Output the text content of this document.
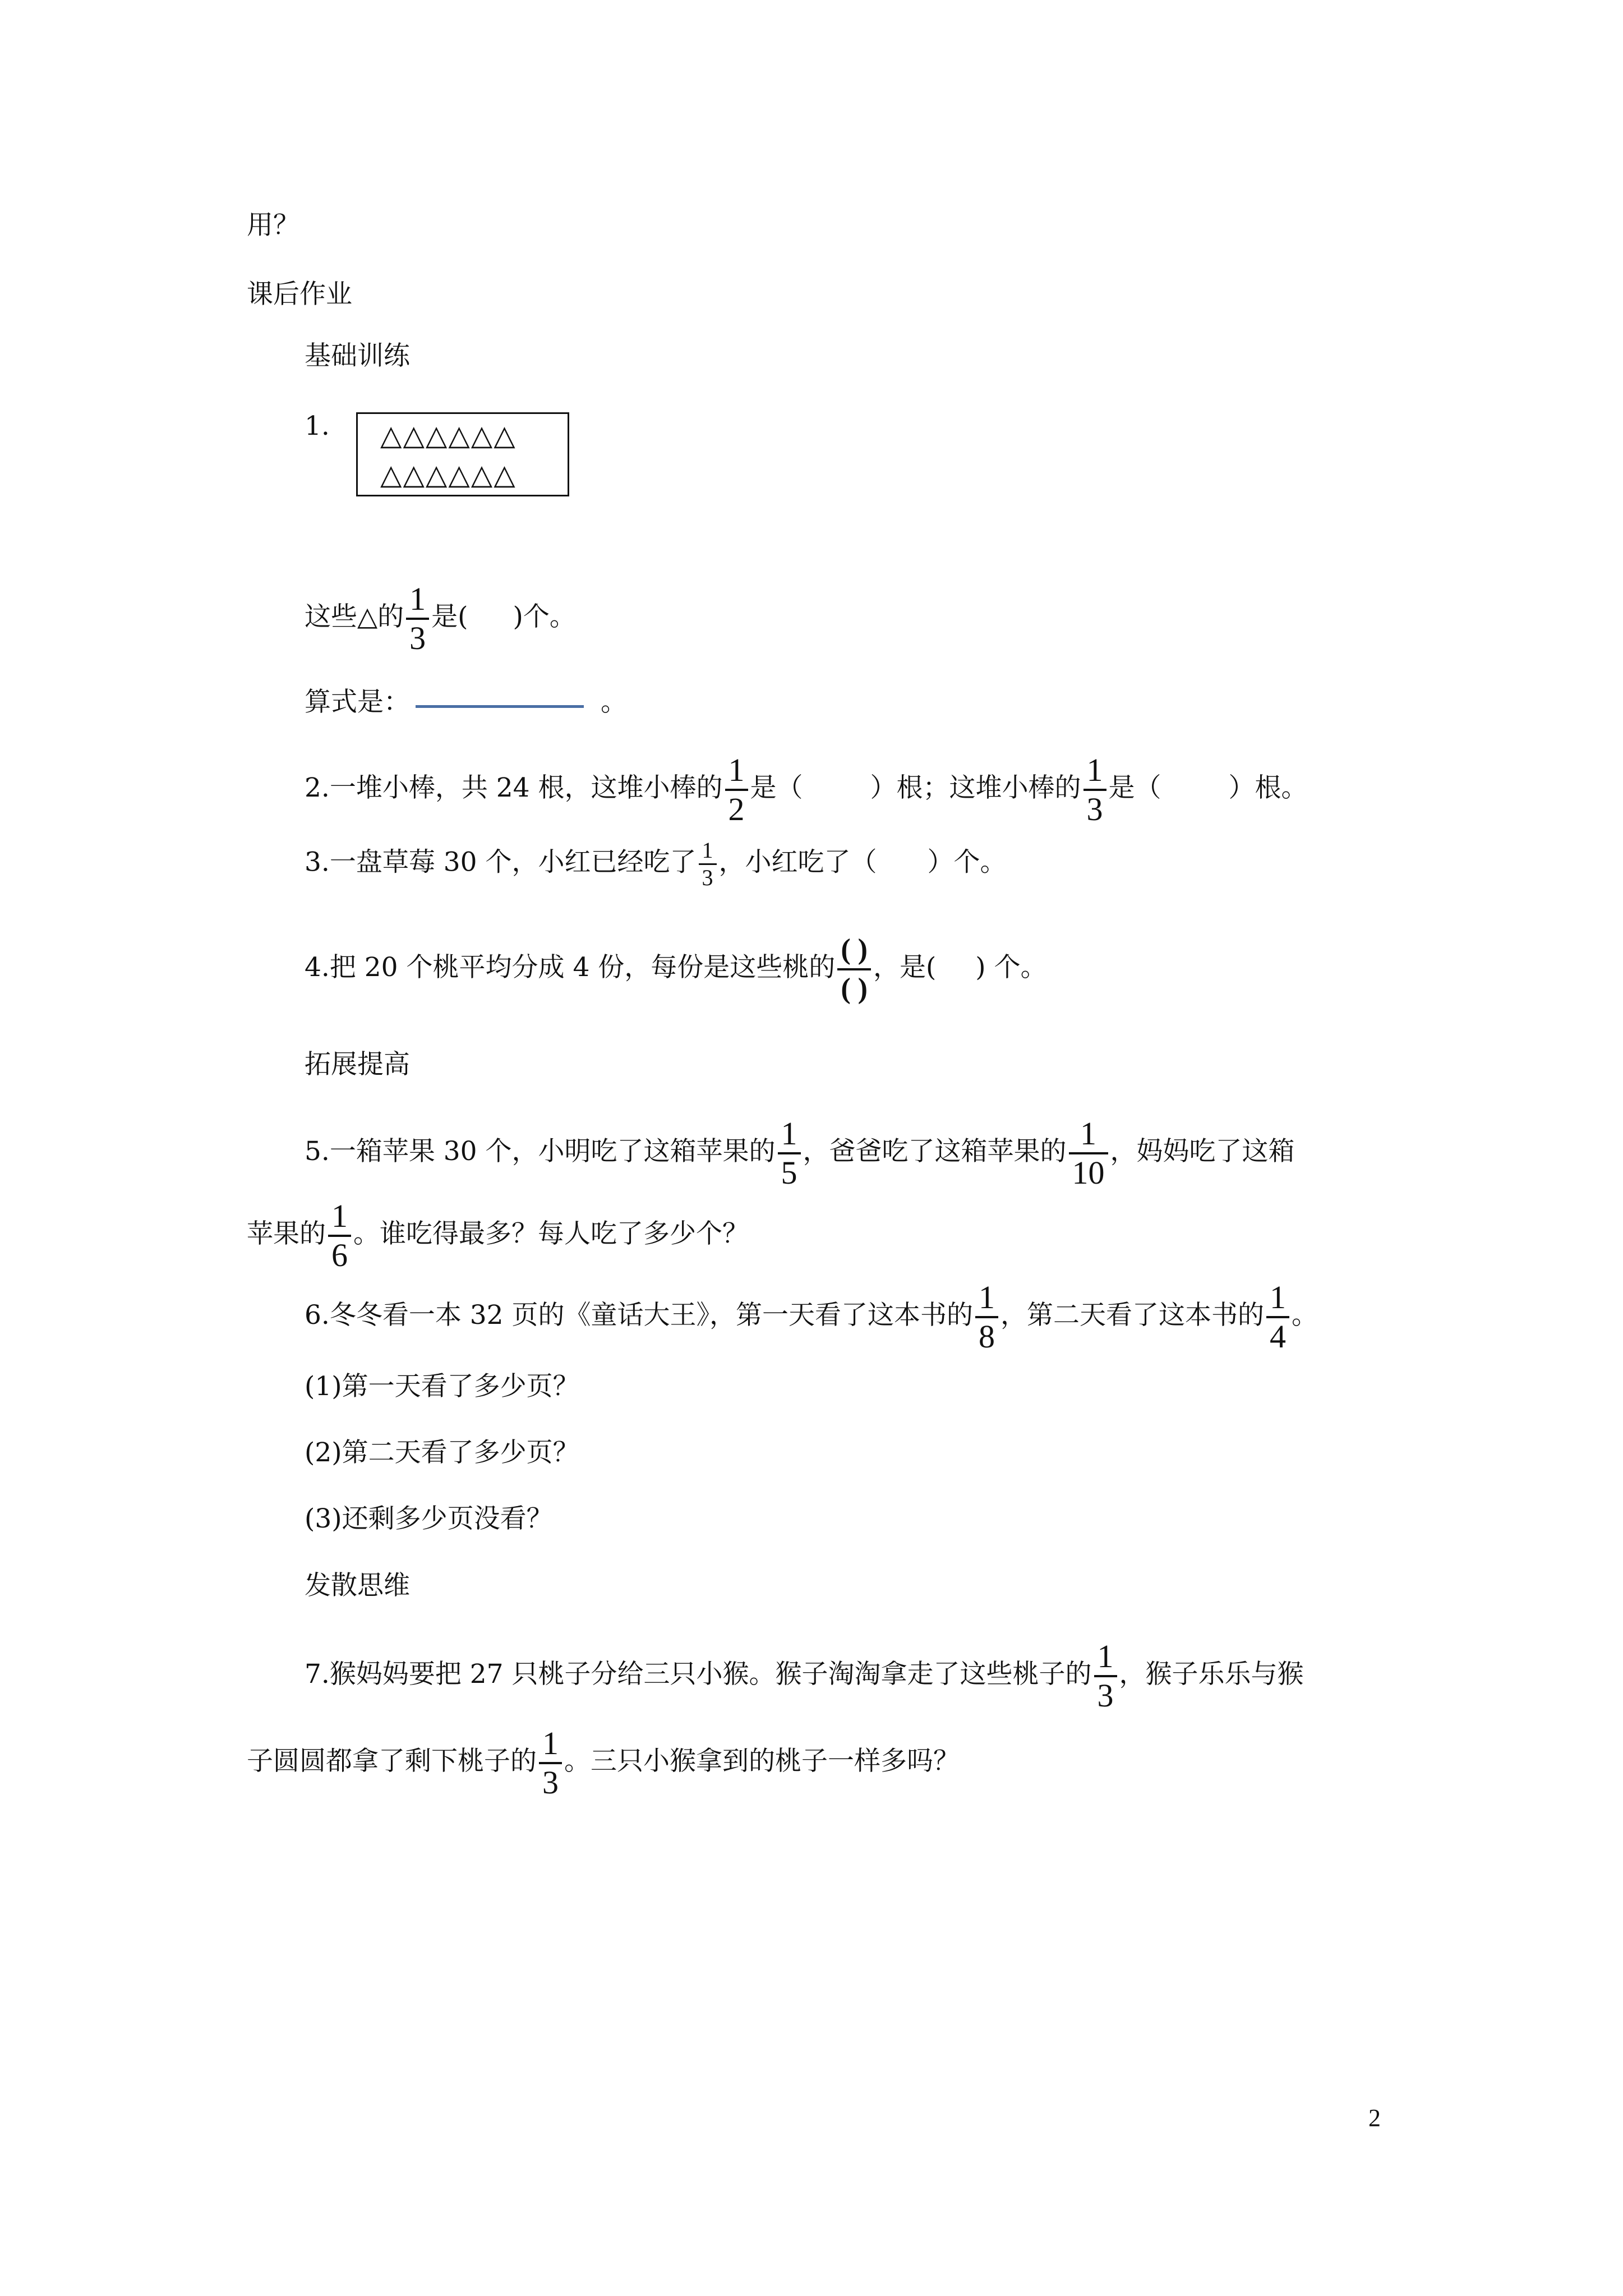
用？
课后作业
基础训练
1. △△△△△△
△△△△△△
这些△的 $\frac{1}{3}$ 是( )个。
算式是：	。
2.一堆小棒，共 24 根，这堆小棒的 $\frac{1}{2}$ 是（	）根；这堆小棒的 $\frac{1}{3}$ 是（	）根。
3.一盘草莓 30 个，小红已经吃了 $\frac{1}{3}$ ，小红吃了（ ）个。
4.把 20 个桃平均分成 4 份，每份是这些桃的 $\frac{( )}{( )}$ ，是( ) 个。
拓展提高
5.一箱苹果 30 个，小明吃了这箱苹果的 $\frac{1}{5}$ ，爸爸吃了这箱苹果的 $\frac{1}{10}$ ，妈妈吃了这箱
苹果的 $\frac{1}{6}$ 。谁吃得最多？每人吃了多少个？
6.冬冬看一本 32 页的《童话大王》，第一天看了这本书的 $\frac{1}{8}$ ，第二天看了这本书的 $\frac{1}{4}$ 。
(1)第一天看了多少页？
(2)第二天看了多少页？
(3)还剩多少页没看？
发散思维
7.猴妈妈要把 27 只桃子分给三只小猴。猴子淘淘拿走了这些桃子的 $\frac{1}{3}$ ，猴子乐乐与猴
子圆圆都拿了剩下桃子的 $\frac{1}{3}$ 。三只小猴拿到的桃子一样多吗？
2
